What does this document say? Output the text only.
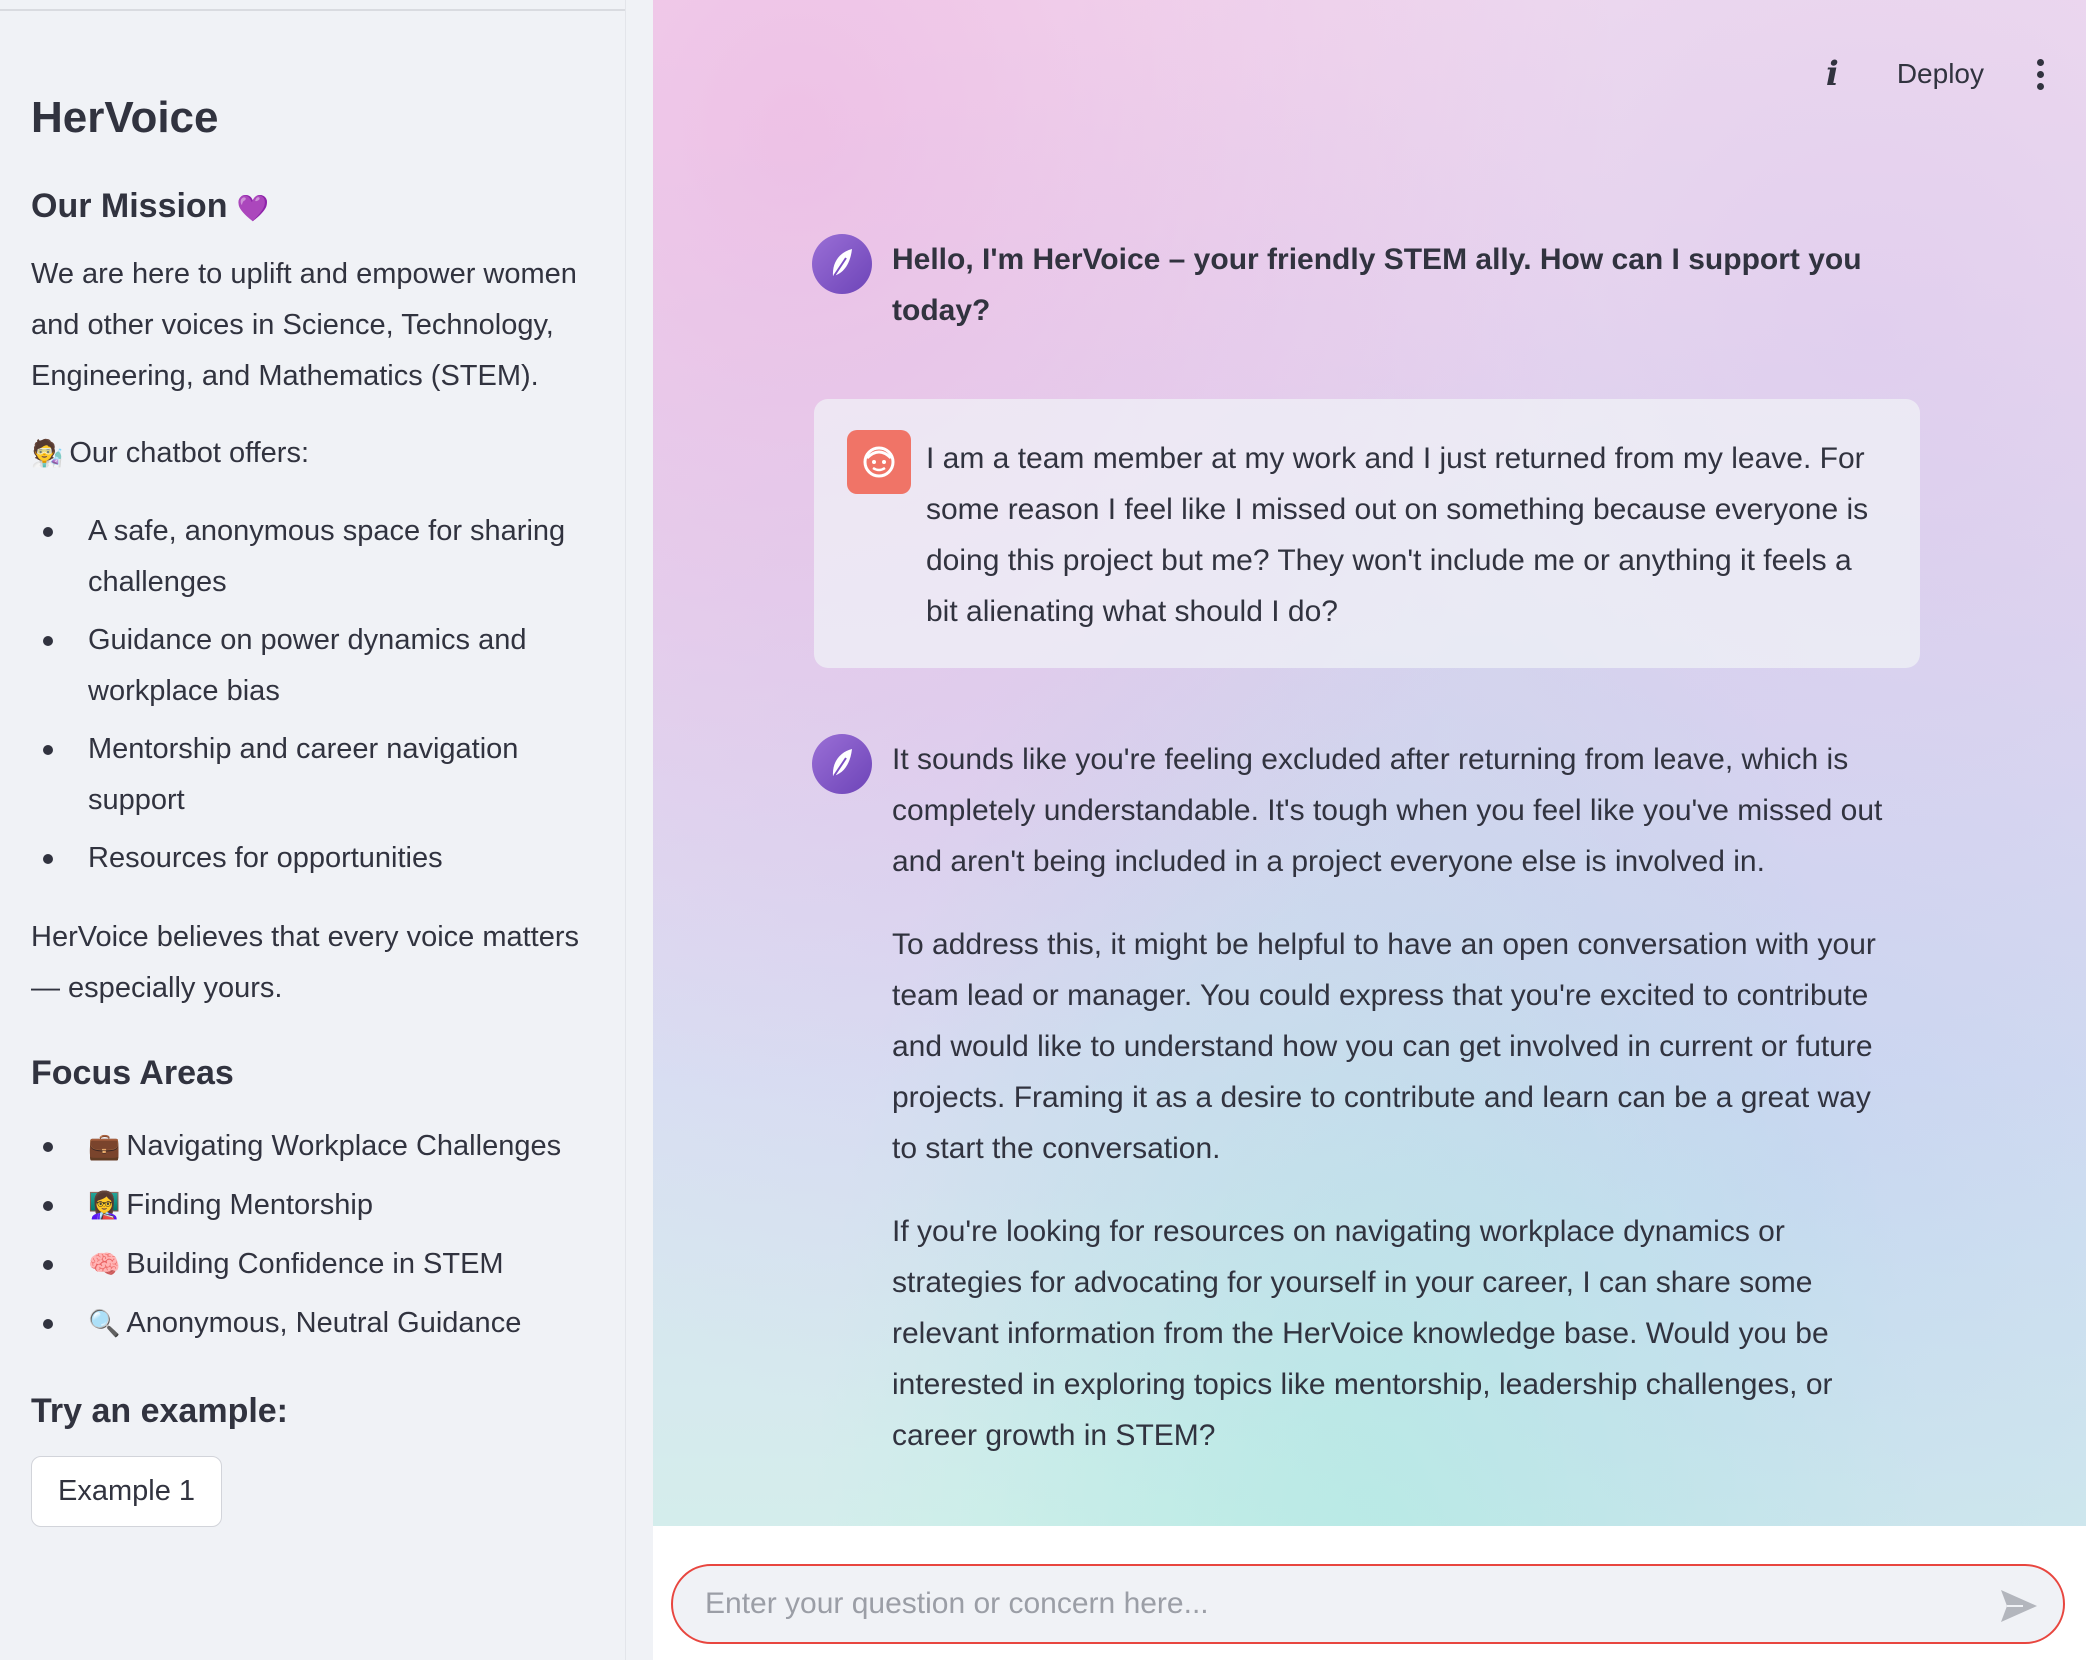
HerVoice
Our Mission 💜

We are here to uplift and empower women and other voices in Science, Technology, Engineering, and Mathematics (STEM).

🧑‍🔬 Our chatbot offers:

A safe, anonymous space for sharing challenges
Guidance on power dynamics and workplace bias
Mentorship and career navigation support
Resources for opportunities

HerVoice believes that every voice matters — especially yours.

Focus Areas
💼 Navigating Workplace Challenges
👩‍🏫 Finding Mentorship
🧠 Building Confidence in STEM
🔍 Anonymous, Neutral Guidance
Try an example:
Example 1
i Deploy
Hello, I'm HerVoice – your friendly STEM ally. How can I support you today?
I am a team member at my work and I just returned from my leave. For some reason I feel like I missed out on something because everyone is doing this project but me? They won't include me or anything it feels a bit alienating what should I do?

It sounds like you're feeling excluded after returning from leave, which is completely understandable. It's tough when you feel like you've missed out and aren't being included in a project everyone else is involved in.

To address this, it might be helpful to have an open conversation with your team lead or manager. You could express that you're excited to contribute and would like to understand how you can get involved in current or future projects. Framing it as a desire to contribute and learn can be a great way to start the conversation.

If you're looking for resources on navigating workplace dynamics or strategies for advocating for yourself in your career, I can share some relevant information from the HerVoice knowledge base. Would you be interested in exploring topics like mentorship, leadership challenges, or career growth in STEM?

Enter your question or concern here...
